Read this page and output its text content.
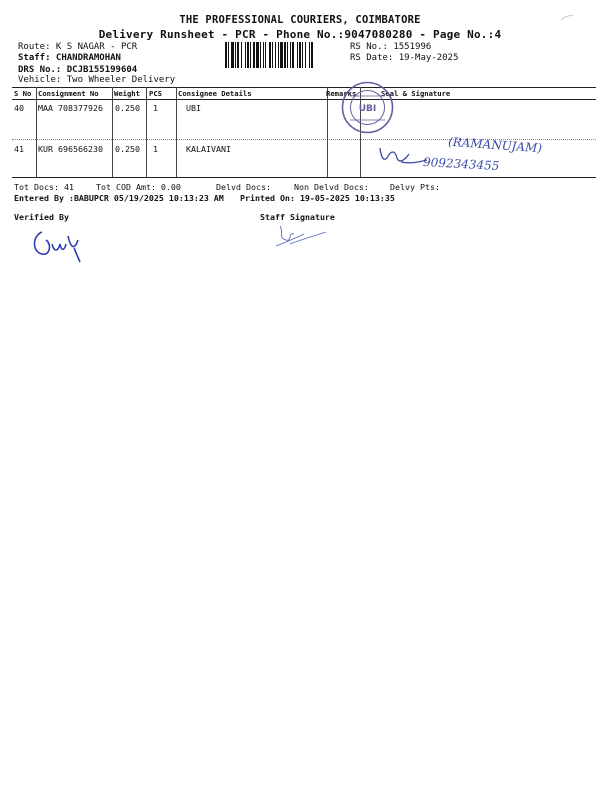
THE PROFESSIONAL COURIERS, COIMBATORE
Delivery Runsheet - PCR - Phone No.:9047080280 - Page No.:4
Route: K S NAGAR - PCR
Staff: CHANDRAMOHAN
DRS No.: DCJB155199604
Vehicle: Two Wheeler Delivery
RS No.: 1551996
RS Date: 19-May-2025
S No Consignment No Weight PCS Consignee Details	Remarks	Seal & Signature
40 MAA 708377926 0.250 1	UBI
41 KUR 696566230 0.250 1	KALAIVANI
UBI
(RAMANUJAM)
9092343455
Tot Docs: 41	Tot COD Amt: 0.00	Delvd Docs:	Non Delvd Docs:	Delvy Pts:
Entered By :BABUPCR 05/19/2025 10:13:23 AM Printed On: 19-05-2025 10:13:35
Verified By	Staff Signature
